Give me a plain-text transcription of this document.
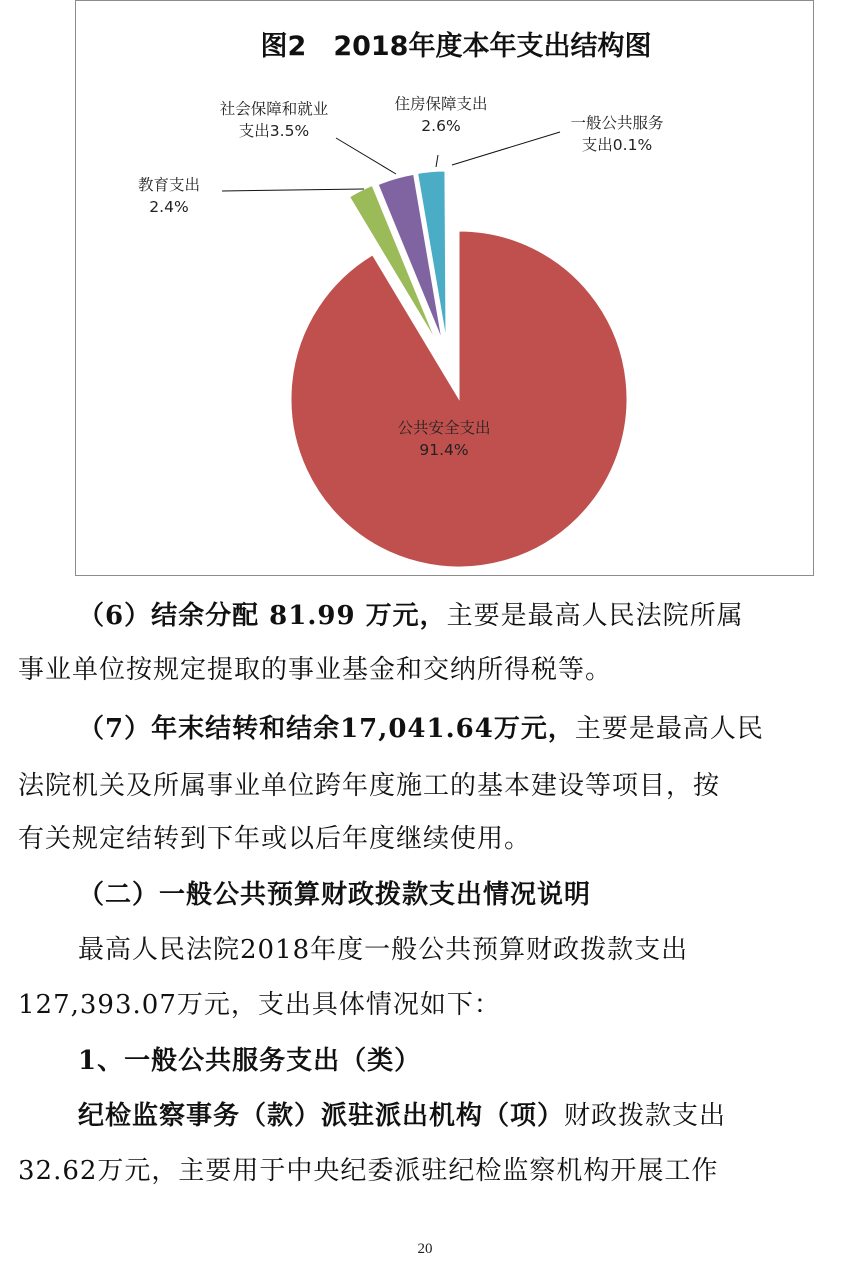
图2　2018年度本年支出结构图
公共安全支出
91.4%
教育支出
2.4%
社会保障和就业
支出3.5%
住房保障支出
2.6%	一般公共服务
支出0.1%
（6）结余分配 81.99 万元，主要是最高人民法院所属
事业单位按规定提取的事业基金和交纳所得税等。
（7）年末结转和结余17,041.64万元，主要是最高人民
法院机关及所属事业单位跨年度施工的基本建设等项目，按
有关规定结转到下年或以后年度继续使用。
（二）一般公共预算财政拨款支出情况说明
最高人民法院2018年度一般公共预算财政拨款支出
127,393.07万元，支出具体情况如下：
1、一般公共服务支出（类）
纪检监察事务（款）派驻派出机构（项）财政拨款支出
32.62万元，主要用于中央纪委派驻纪检监察机构开展工作
20
